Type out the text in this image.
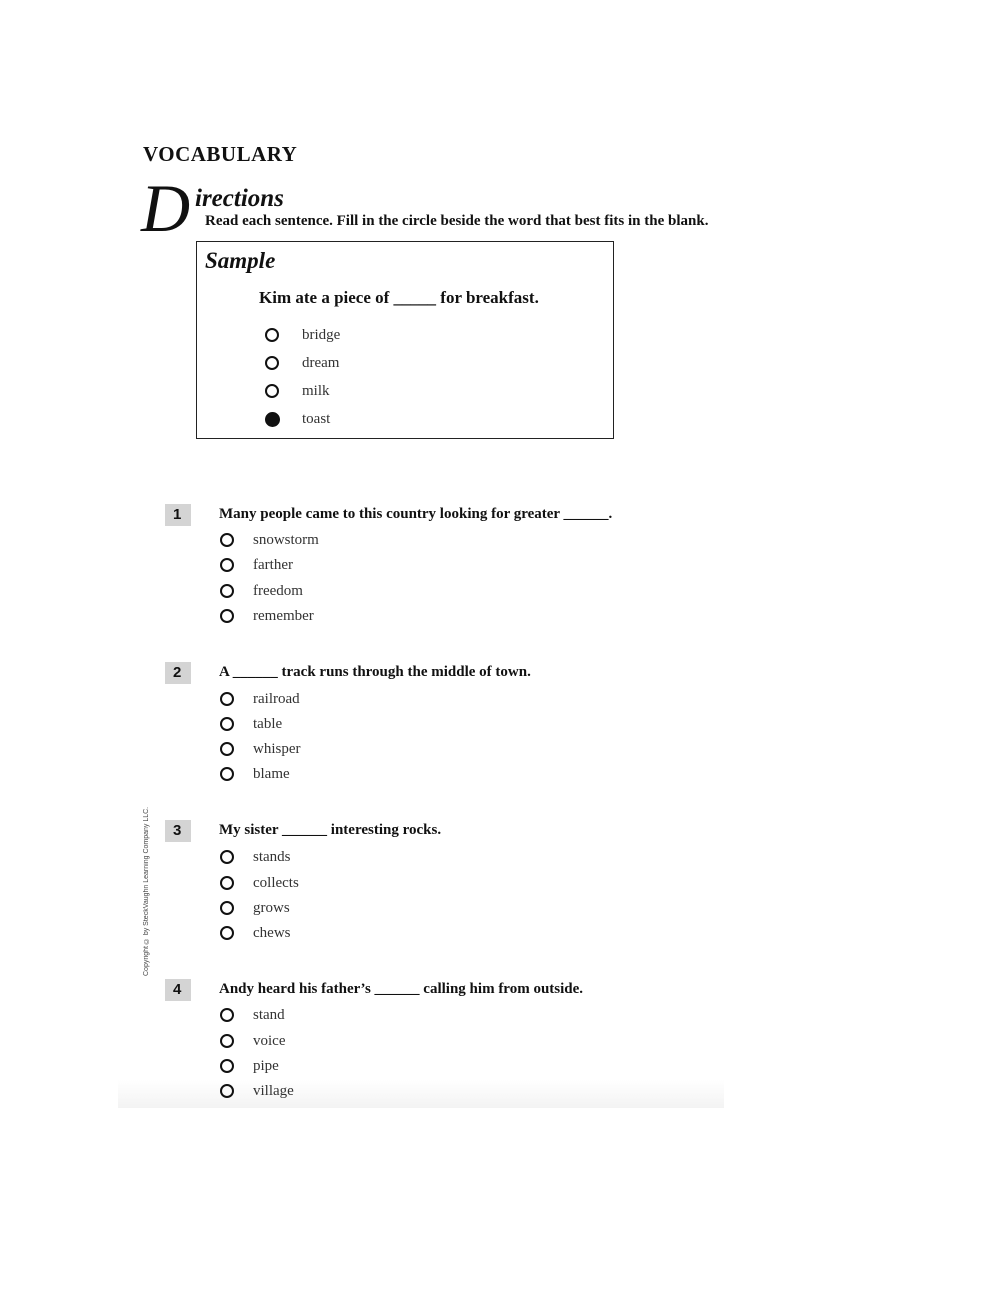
VOCABULARY
D irections
Read each sentence. Fill in the circle beside the word that best fits in the blank.
Sample
Kim ate a piece of _____ for breakfast.
bridge
dream
milk
toast
1	Many people came to this country looking for greater ______.
snowstorm
farther
freedom
remember
2	A ______ track runs through the middle of town.
railroad
table
whisper
blame
3	My sister ______ interesting rocks.
stands
collects
grows
chews
4	Andy heard his father’s ______ calling him from outside.
stand
voice
pipe
village
Copyright © by SteckVaughn Learning Company LLC.
